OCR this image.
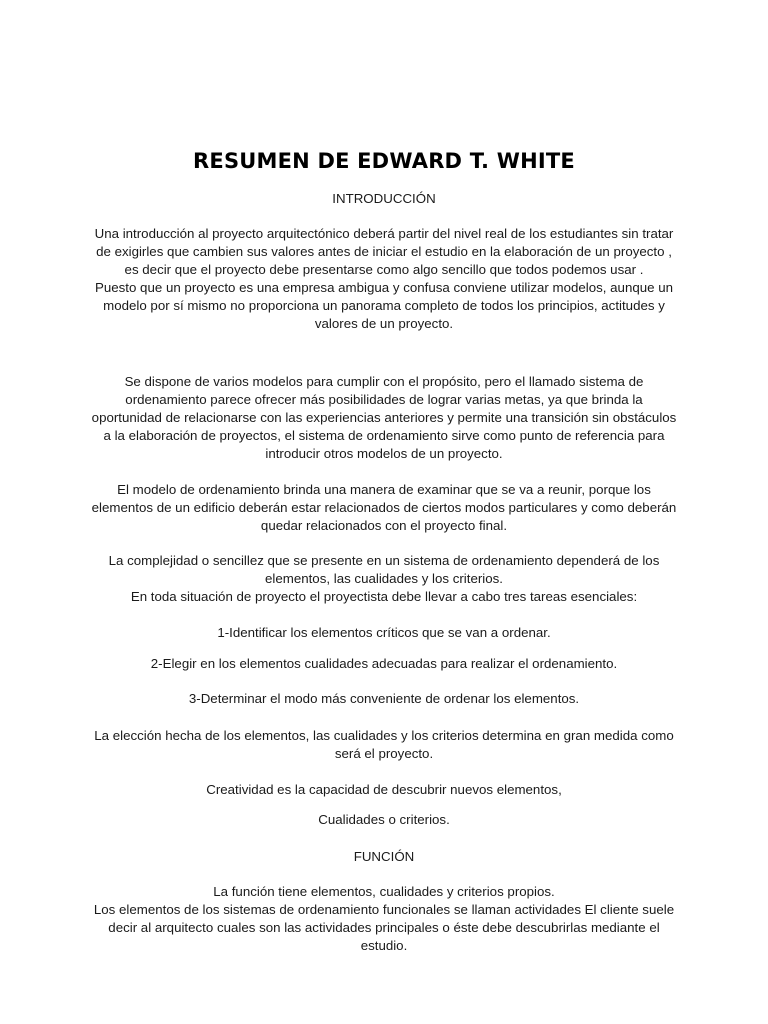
RESUMEN DE EDWARD T. WHITE
INTRODUCCIÓN

Una introducción al proyecto arquitectónico deberá partir del nivel real de los estudiantes sin tratar de exigirles que cambien sus valores antes de iniciar el estudio en la elaboración de un proyecto , es decir que el proyecto debe presentarse como algo sencillo que todos podemos usar .

Puesto que un proyecto es una empresa ambigua y confusa conviene utilizar modelos, aunque un modelo por sí mismo no proporciona un panorama completo de todos los principios, actitudes y valores de un proyecto.

Se dispone de varios modelos para cumplir con el propósito, pero el llamado sistema de ordenamiento parece ofrecer más posibilidades de lograr varias metas, ya que brinda la oportunidad de relacionarse con las experiencias anteriores y permite una transición sin obstáculos a la elaboración de proyectos, el sistema de ordenamiento sirve como punto de referencia para introducir otros modelos de un proyecto.
El modelo de ordenamiento brinda una manera de examinar que se va a reunir, porque los elementos de un edificio deberán estar relacionados de ciertos modos particulares y como deberán quedar relacionados con el proyecto final.

La complejidad o sencillez que se presente en un sistema de ordenamiento dependerá de los elementos, las cualidades y los criterios.

En toda situación de proyecto el proyectista debe llevar a cabo tres tareas esenciales:

1-Identificar los elementos críticos que se van a ordenar.
2-Elegir en los elementos cualidades adecuadas para realizar el ordenamiento.
3-Determinar el modo más conveniente de ordenar los elementos.
La elección hecha de los elementos, las cualidades y los criterios determina en gran medida como será el proyecto.
Creatividad es la capacidad de descubrir nuevos elementos,
Cualidades o criterios.
FUNCIÓN

La función tiene elementos, cualidades y criterios propios.

Los elementos de los sistemas de ordenamiento funcionales se llaman actividades El cliente suele decir al arquitecto cuales son las actividades principales o éste debe descubrirlas mediante el estudio.
